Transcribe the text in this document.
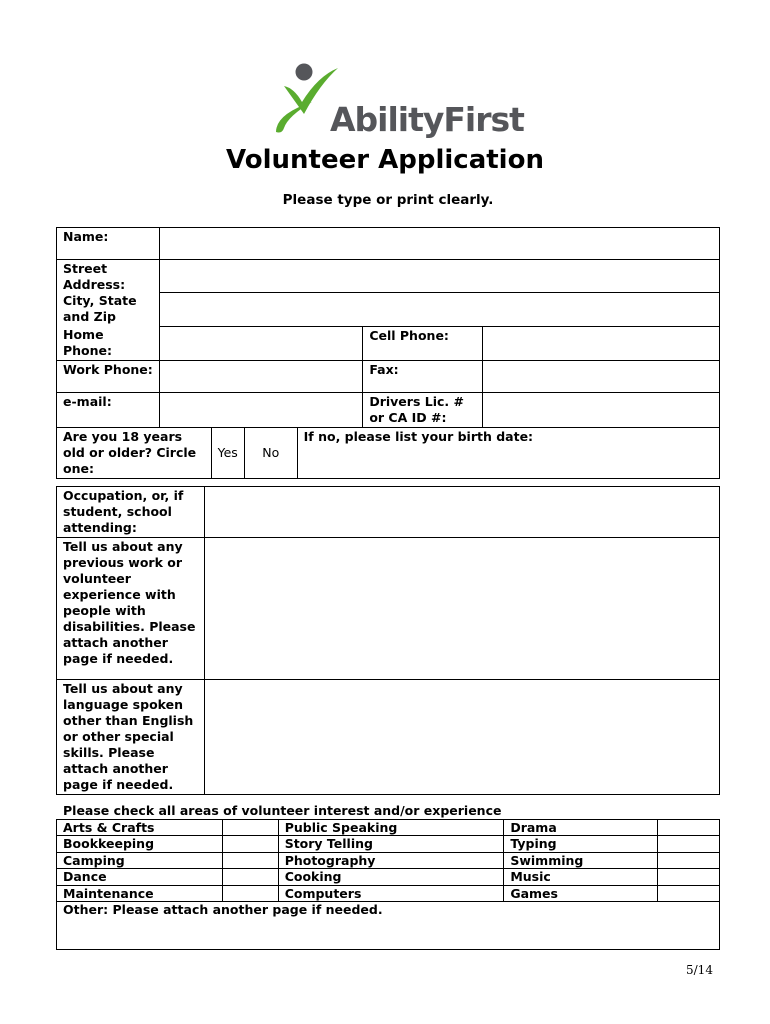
AbilityFirst
Volunteer Application
Please type or print clearly.
Name:						
Street Address: City, State and Zip						

Home Phone:					Cell Phone:	
Work Phone:					Fax:	
e-mail:					Drivers Lic. # or CA ID #:	
Are you 18 years old or older? Circle one:		Yes	No	If no, please list your birth date:		
Occupation, or, if student, school attending:	
Tell us about any previous work or volunteer experience with people with disabilities. Please attach another page if needed.	
Tell us about any language spoken other than English or other special skills. Please attach another page if needed.	
Please check all areas of volunteer interest and/or experience
Arts & Crafts		Public Speaking	Drama	
Bookkeeping		Story Telling	Typing	
Camping		Photography	Swimming	
Dance		Cooking	Music	
Maintenance		Computers	Games	
Other: Please attach another page if needed.				
5/14
